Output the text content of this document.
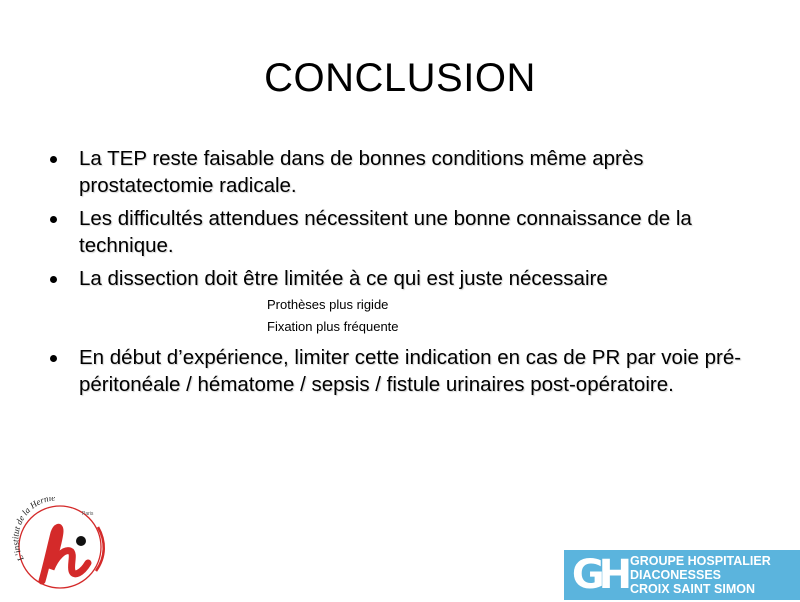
CONCLUSION
La TEP reste faisable dans de bonnes conditions même après prostatectomie radicale.
Les difficultés attendues nécessitent une bonne connaissance de la technique.
La dissection doit être limitée à ce qui est juste nécessaire
Prothèses plus rigide
Fixation plus fréquente
En début d’expérience, limiter cette indication en cas de PR par voie pré-péritonéale / hématome / sepsis / fistule urinaires post-opératoire.
L’institut de la Hernie
Paris
GH GROUPE HOSPITALIER
DIACONESSES
CROIX SAINT SIMON
